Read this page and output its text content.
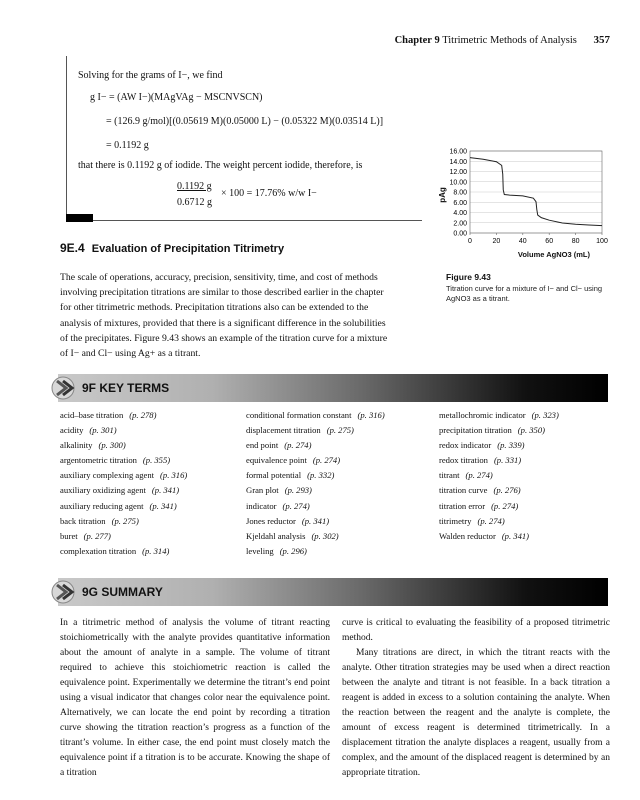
Chapter 9 Titrimetric Methods of Analysis 357
Solving for the grams of I−, we find
g I− = (AW I−)(MAgVAg − MSCNVSCN)
= (126.9 g/mol)[(0.05619 M)(0.05000 L) − (0.05322 M)(0.03514 L)]
= 0.1192 g
that there is 0.1192 g of iodide. The weight percent iodide, therefore, is
0.1192 g
0.6712 g
× 100 = 17.76% w/w I−
0.00
2.00
4.00
6.00
8.00
10.00
12.00
14.00
16.00
0	20	40	60	80 100
pAg
Volume AgNO3 (mL)
Figure 9.43
Titration curve for a mixture of I− and Cl− using AgNO3 as a titrant.
9E.4 Evaluation of Precipitation Titrimetry
The scale of operations, accuracy, precision, sensitivity, time, and cost of methods
involving precipitation titrations are similar to those described earlier in the chapter
for other titrimetric methods. Precipitation titrations also can be extended to the
analysis of mixtures, provided that there is a significant difference in the solubilities
of the precipitates. Figure 9.43 shows an example of the titration curve for a mixture
of I− and Cl− using Ag+ as a titrant.
9F KEY TERMS
acid–base titration (p. 278)
acidity (p. 301)
alkalinity (p. 300)
argentometric titration (p. 355)
auxiliary complexing agent (p. 316)
auxiliary oxidizing agent (p. 341)
auxiliary reducing agent (p. 341)
back titration (p. 275)
buret (p. 277)
complexation titration (p. 314)
conditional formation constant (p. 316)
displacement titration (p. 275)
end point (p. 274)
equivalence point (p. 274)
formal potential (p. 332)
Gran plot (p. 293)
indicator (p. 274)
Jones reductor (p. 341)
Kjeldahl analysis (p. 302)
leveling (p. 296)
metallochromic indicator (p. 323)
precipitation titration (p. 350)
redox indicator (p. 339)
redox titration (p. 331)
titrant (p. 274)
titration curve (p. 276)
titration error (p. 274)
titrimetry (p. 274)
Walden reductor (p. 341)
9G SUMMARY

In a titrimetric method of analysis the volume of titrant reacting stoichiometrically with the analyte provides quantitative information about the amount of analyte in a sample. The volume of titrant required to achieve this stoichiometric reaction is called the equivalence point. Experimentally we determine the titrant’s end point using a visual indicator that changes color near the equivalence point. Alternatively, we can locate the end point by recording a titration curve showing the titration reaction’s progress as a function of the titrant’s volume. In either case, the end point must closely match the equivalence point if a titration is to be accurate. Knowing the shape of a titration

curve is critical to evaluating the feasibility of a proposed titrimetric method.

Many titrations are direct, in which the titrant reacts with the analyte. Other titration strategies may be used when a direct reaction between the analyte and titrant is not feasible. In a back titration a reagent is added in excess to a solution containing the analyte. When the reaction between the reagent and the analyte is complete, the amount of excess reagent is determined titrimetrically. In a displacement titration the analyte displaces a reagent, usually from a complex, and the amount of the displaced reagent is determined by an appropriate titration.
